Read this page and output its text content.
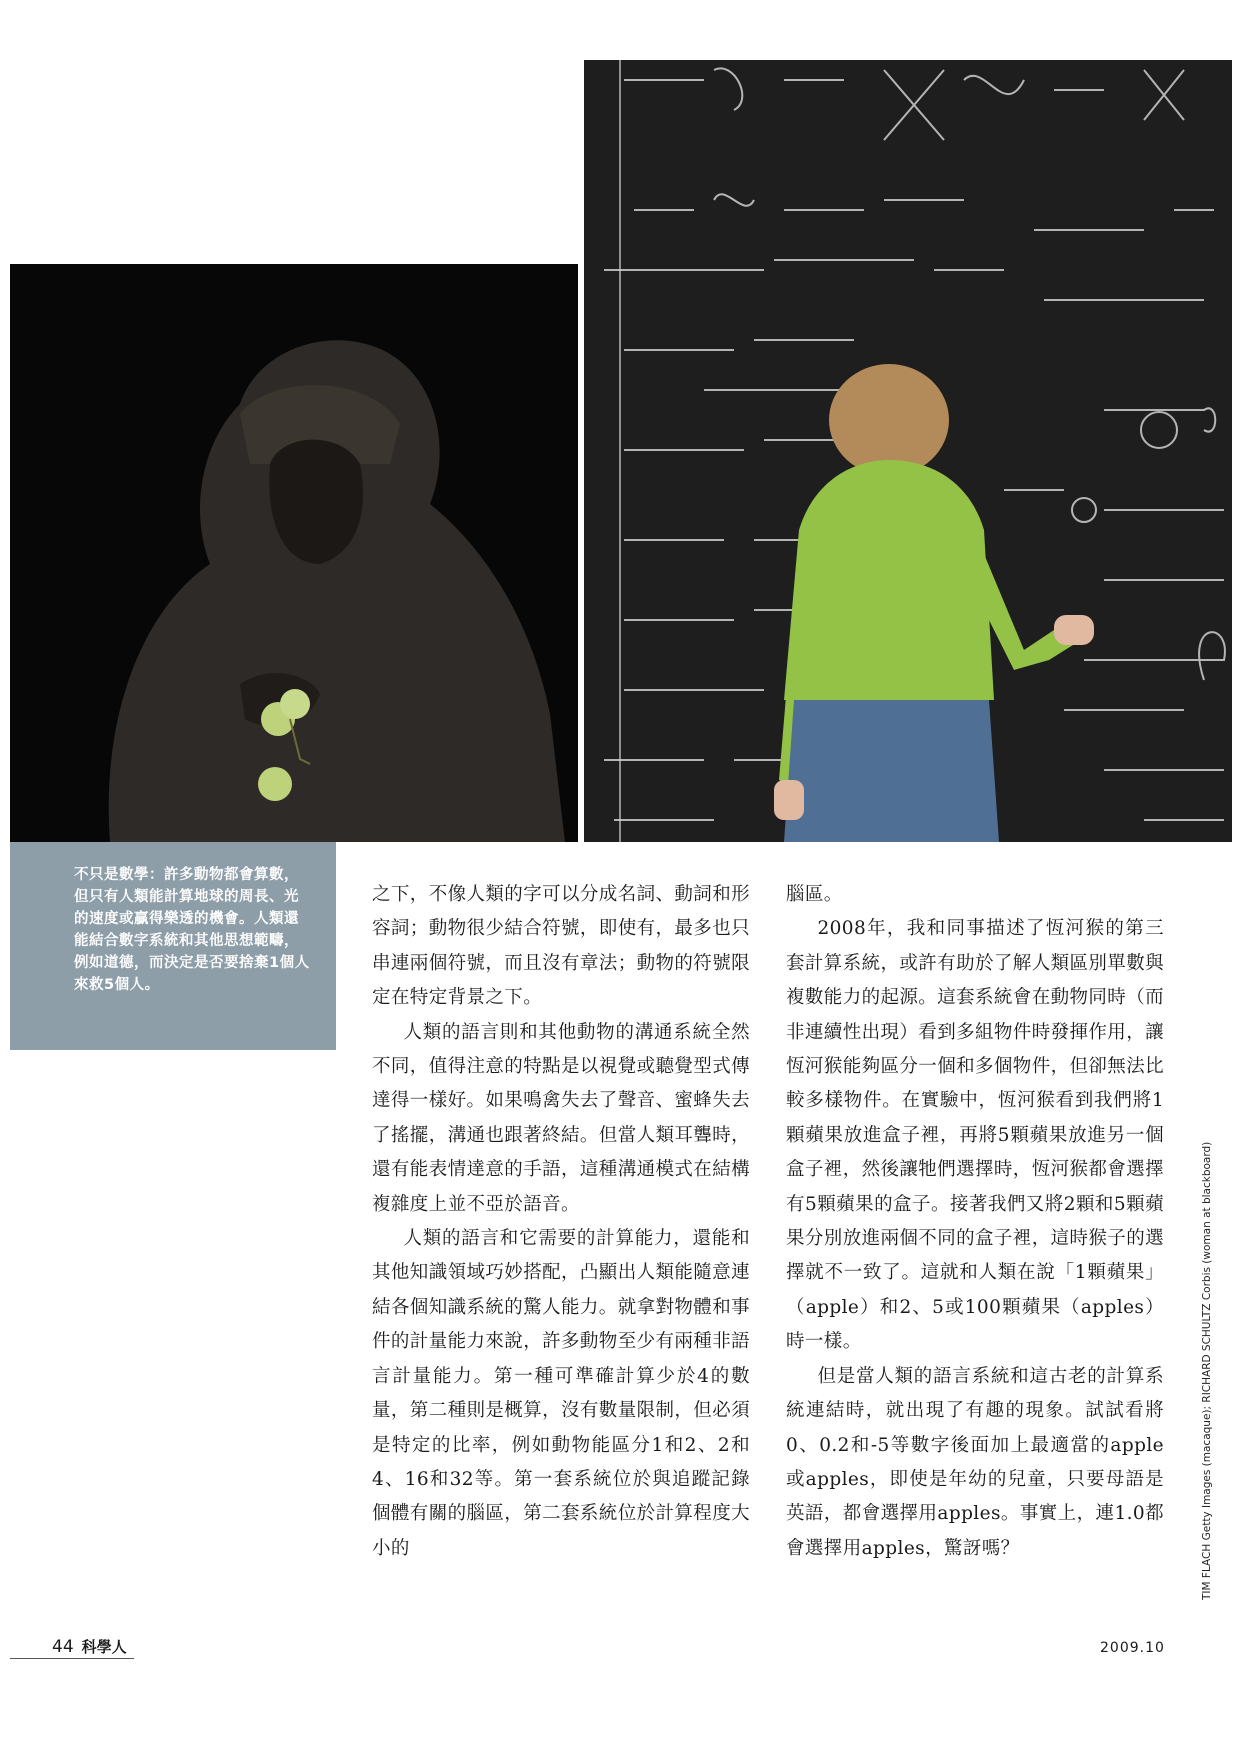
不只是數學：許多動物都會算數，但只有人類能計算地球的周長、光的速度或贏得樂透的機會。人類還能結合數字系統和其他思想範疇，例如道德，而決定是否要捨棄1個人來救5個人。

之下，不像人類的字可以分成名詞、動詞和形容詞；動物很少結合符號，即使有，最多也只串連兩個符號，而且沒有章法；動物的符號限定在特定背景之下。

人類的語言則和其他動物的溝通系統全然不同，值得注意的特點是以視覺或聽覺型式傳達得一樣好。如果鳴禽失去了聲音、蜜蜂失去了搖擺，溝通也跟著終結。但當人類耳聾時，還有能表情達意的手語，這種溝通模式在結構複雜度上並不亞於語音。

人類的語言和它需要的計算能力，還能和其他知識領域巧妙搭配，凸顯出人類能隨意連結各個知識系統的驚人能力。就拿對物體和事件的計量能力來說，許多動物至少有兩種非語言計量能力。第一種可準確計算少於4的數量，第二種則是概算，沒有數量限制，但必須是特定的比率，例如動物能區分1和2、2和4、16和32等。第一套系統位於與追蹤記錄個體有關的腦區，第二套系統位於計算程度大小的

腦區。

2008年，我和同事描述了恆河猴的第三套計算系統，或許有助於了解人類區別單數與複數能力的起源。這套系統會在動物同時（而非連續性出現）看到多組物件時發揮作用，讓恆河猴能夠區分一個和多個物件，但卻無法比較多樣物件。在實驗中，恆河猴看到我們將1顆蘋果放進盒子裡，再將5顆蘋果放進另一個盒子裡，然後讓牠們選擇時，恆河猴都會選擇有5顆蘋果的盒子。接著我們又將2顆和5顆蘋果分別放進兩個不同的盒子裡，這時猴子的選擇就不一致了。這就和人類在說「1顆蘋果」（apple）和2、5或100顆蘋果（apples）時一樣。

但是當人類的語言系統和這古老的計算系統連結時，就出現了有趣的現象。試試看將0、0.2和-5等數字後面加上最適當的apple或apples，即使是年幼的兒童，只要母語是英語，都會選擇用apples。事實上，連1.0都會選擇用apples，驚訝嗎？	TIM FLACH Getty Images (macaque); RICHARD SCHULTZ Corbis (woman at blackboard)
44 科學人	2009.10
